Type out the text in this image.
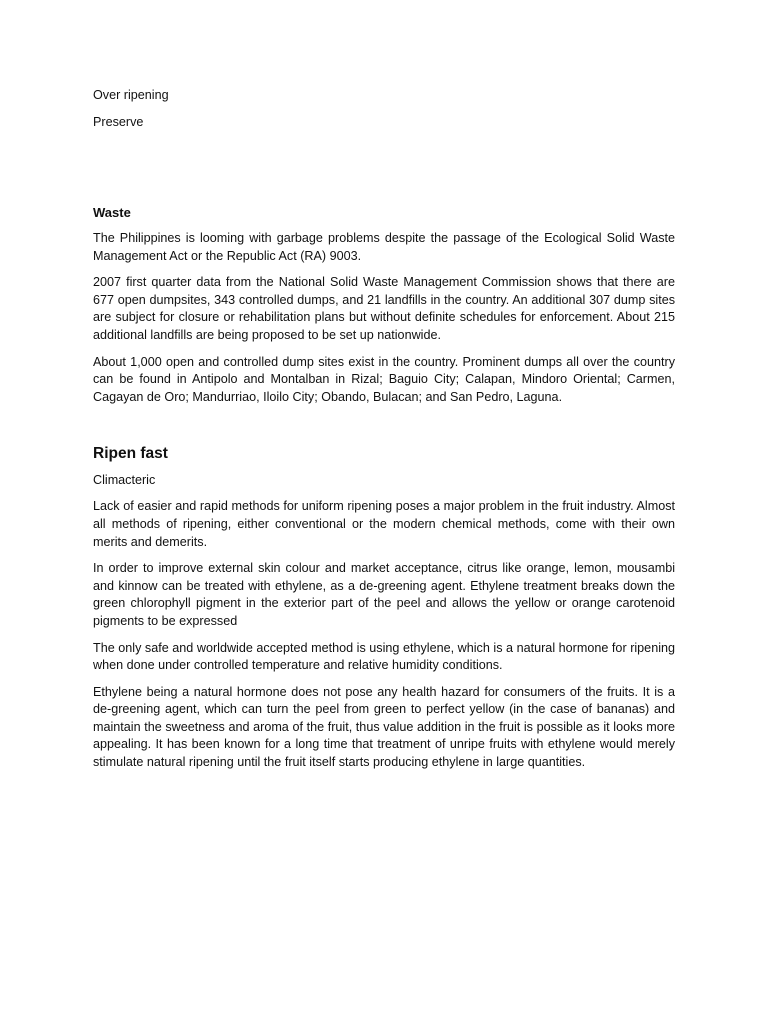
Over ripening
Preserve
Waste

The Philippines is looming with garbage problems despite the passage of the Ecological Solid Waste Management Act or the Republic Act (RA) 9003.

2007 first quarter data from the National Solid Waste Management Commission shows that there are 677 open dumpsites, 343 controlled dumps, and 21 landfills in the country. An additional 307 dump sites are subject for closure or rehabilitation plans but without definite schedules for enforcement. About 215 additional landfills are being proposed to be set up nationwide.

About 1,000 open and controlled dump sites exist in the country. Prominent dumps all over the country can be found in Antipolo and Montalban in Rizal; Baguio City; Calapan, Mindoro Oriental; Carmen, Cagayan de Oro; Mandurriao, Iloilo City; Obando, Bulacan; and San Pedro, Laguna.

Ripen fast
Climacteric

Lack of easier and rapid methods for uniform ripening poses a major problem in the fruit industry. Almost all methods of ripening, either conventional or the modern chemical methods, come with their own merits and demerits.

In order to improve external skin colour and market acceptance, citrus like orange, lemon, mousambi and kinnow can be treated with ethylene, as a de-greening agent. Ethylene treatment breaks down the green chlorophyll pigment in the exterior part of the peel and allows the yellow or orange carotenoid pigments to be expressed

The only safe and worldwide accepted method is using ethylene, which is a natural hormone for ripening when done under controlled temperature and relative humidity conditions.

Ethylene being a natural hormone does not pose any health hazard for consumers of the fruits. It is a de-greening agent, which can turn the peel from green to perfect yellow (in the case of bananas) and maintain the sweetness and aroma of the fruit, thus value addition in the fruit is possible as it looks more appealing. It has been known for a long time that treatment of unripe fruits with ethylene would merely stimulate natural ripening until the fruit itself starts producing ethylene in large quantities.
